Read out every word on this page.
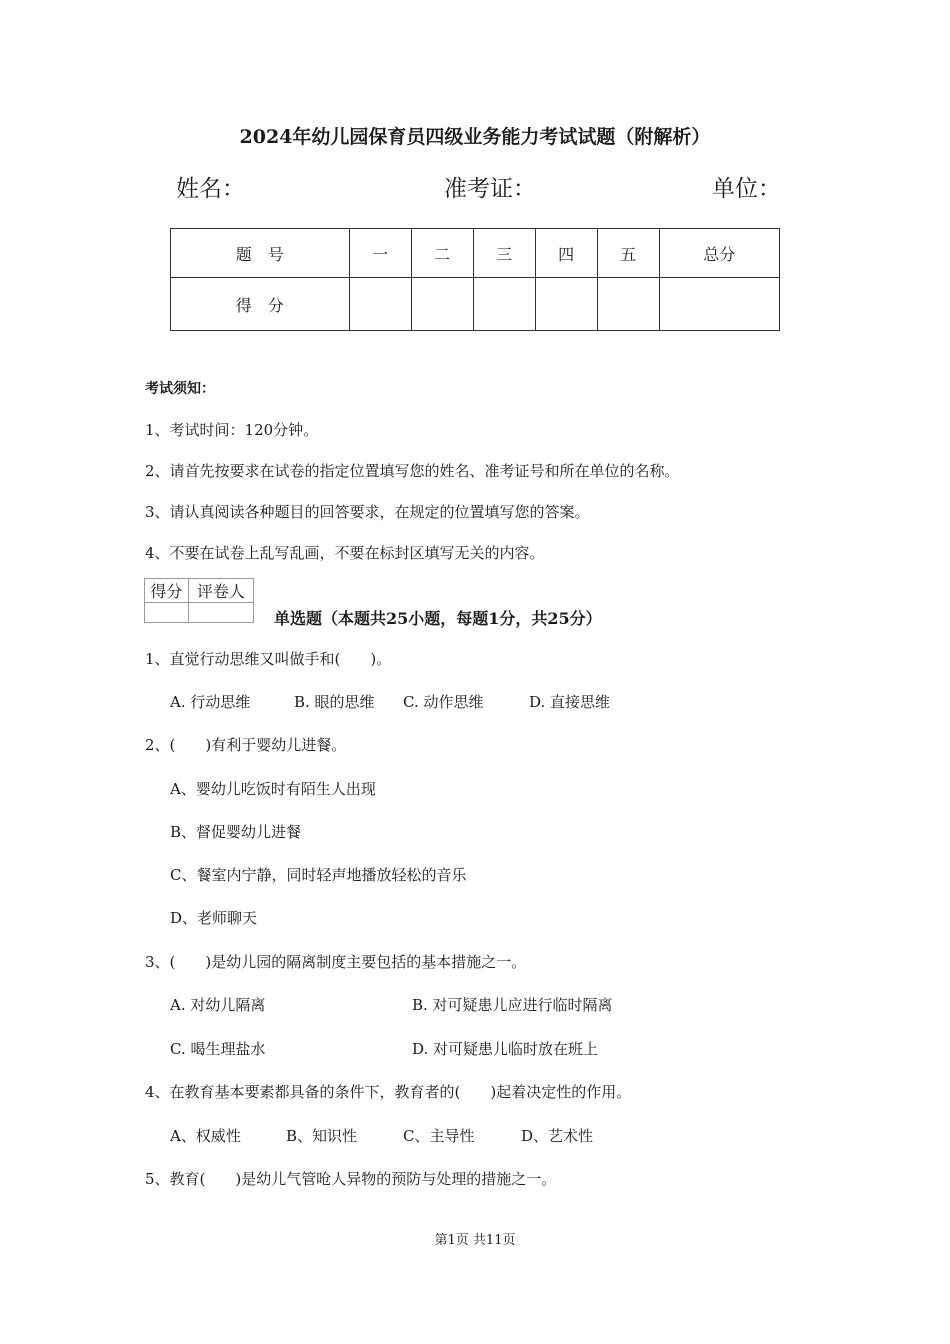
2024年幼儿园保育员四级业务能力考试试题（附解析）
姓名：	准考证：	单位：
题　号	一	二	三	四	五	总分
得　分						
考试须知：
1、考试时间：120分钟。
2、请首先按要求在试卷的指定位置填写您的姓名、准考证号和所在单位的名称。
3、请认真阅读各种题目的回答要求，在规定的位置填写您的答案。
4、不要在试卷上乱写乱画，不要在标封区填写无关的内容。
得分	评卷人

单选题（本题共25小题，每题1分，共25分）
1、直觉行动思维又叫做手和(　　)。
A. 行动思维	B. 眼的思维 C. 动作思维	D. 直接思维
2、(　　)有利于婴幼儿进餐。
A、婴幼儿吃饭时有陌生人出现
B、督促婴幼儿进餐
C、餐室内宁静，同时轻声地播放轻松的音乐
D、老师聊天
3、(　　)是幼儿园的隔离制度主要包括的基本措施之一。
A. 对幼儿隔离	B. 对可疑患儿应进行临时隔离
C. 喝生理盐水	D. 对可疑患儿临时放在班上
4、在教育基本要素都具备的条件下，教育者的(　　)起着决定性的作用。
A、权威性	B、知识性	C、主导性	D、艺术性
5、教育(　　)是幼儿气管呛人异物的预防与处理的措施之一。
第1页 共11页
